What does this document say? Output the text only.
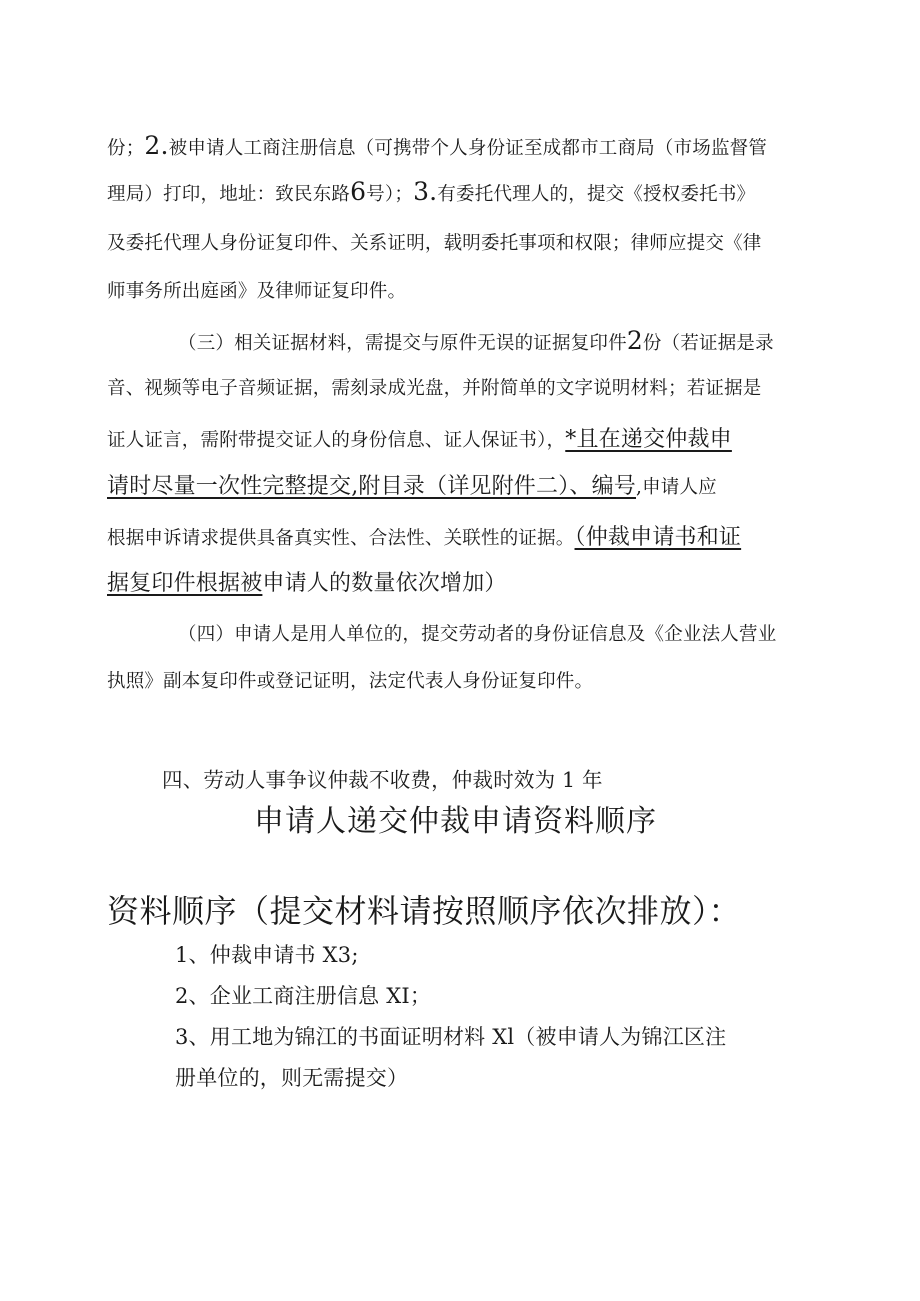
份；2.被申请人工商注册信息（可携带个人身份证至成都市工商局（市场监督管
理局）打印，地址：致民东路6号）；3.有委托代理人的，提交《授权委托书》
及委托代理人身份证复印件、关系证明，载明委托事项和权限；律师应提交《律
师事务所出庭函》及律师证复印件。
（三）相关证据材料，需提交与原件无误的证据复印件2份（若证据是录
音、视频等电子音频证据，需刻录成光盘，并附简单的文字说明材料；若证据是
证人证言，需附带提交证人的身份信息、证人保证书），*且在递交仲裁申
请时尽量一次性完整提交,附目录（详见附件二）、编号,申请人应
根据申诉请求提供具备真实性、合法性、关联性的证据。（仲裁申请书和证
据复印件根据被申请人的数量依次增加）
（四）申请人是用人单位的，提交劳动者的身份证信息及《企业法人营业
执照》副本复印件或登记证明，法定代表人身份证复印件。
四、劳动人事争议仲裁不收费，仲裁时效为 1 年
申请人递交仲裁申请资料顺序
资料顺序（提交材料请按照顺序依次排放）：
1、仲裁申请书 X3;
2、企业工商注册信息 XI；
3、用工地为锦江的书面证明材料 Xl（被申请人为锦江区注
册单位的，则无需提交）
